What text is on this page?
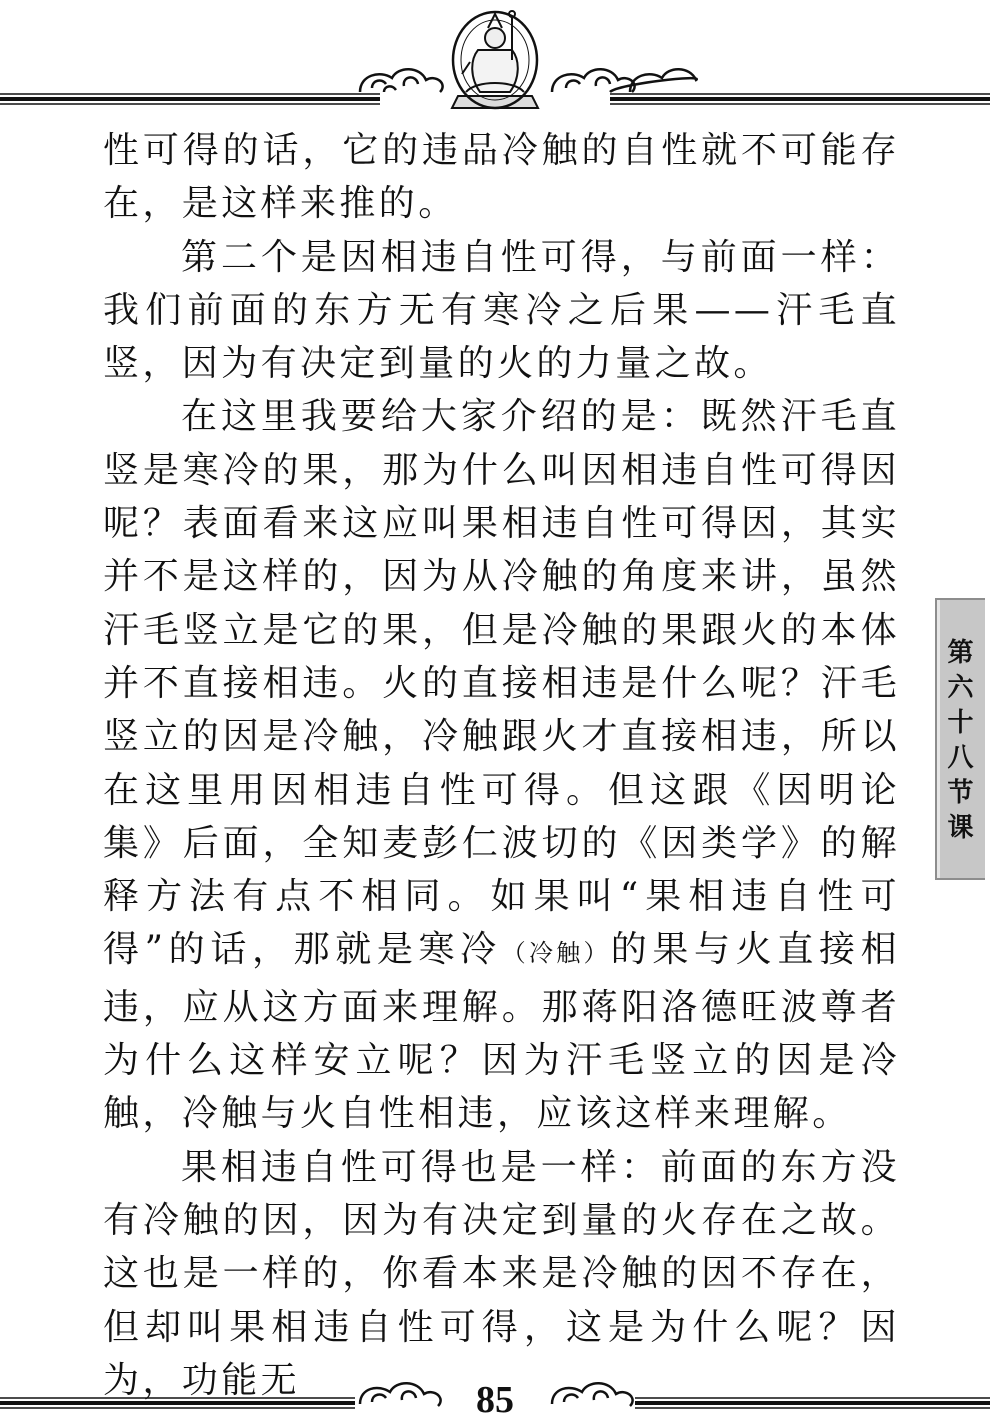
性可得的话，它的违品冷触的自性就不可能存在，是这样来推的。

第二个是因相违自性可得，与前面一样：我们前面的东方无有寒冷之后果——汗毛直竖，因为有决定到量的火的力量之故。

在这里我要给大家介绍的是：既然汗毛直竖是寒冷的果，那为什么叫因相违自性可得因呢？表面看来这应叫果相违自性可得因，其实并不是这样的，因为从冷触的角度来讲，虽然汗毛竖立是它的果，但是冷触的果跟火的本体并不直接相违。火的直接相违是什么呢？汗毛竖立的因是冷触，冷触跟火才直接相违，所以在这里用因相违自性可得。但这跟《因明论集》后面，全知麦彭仁波切的《因类学》的解释方法有点不相同。如果叫“果相违自性可得”的话，那就是寒冷（冷触）的果与火直接相违，应从这方面来理解。那蒋阳洛德旺波尊者为什么这样安立呢？因为汗毛竖立的因是冷触，冷触与火自性相违，应该这样来理解。

果相违自性可得也是一样：前面的东方没有冷触的因，因为有决定到量的火存在之故。这也是一样的，你看本来是冷触的因不存在，但却叫果相违自性可得，这是为什么呢？因为，功能无

第六十八节课
85
